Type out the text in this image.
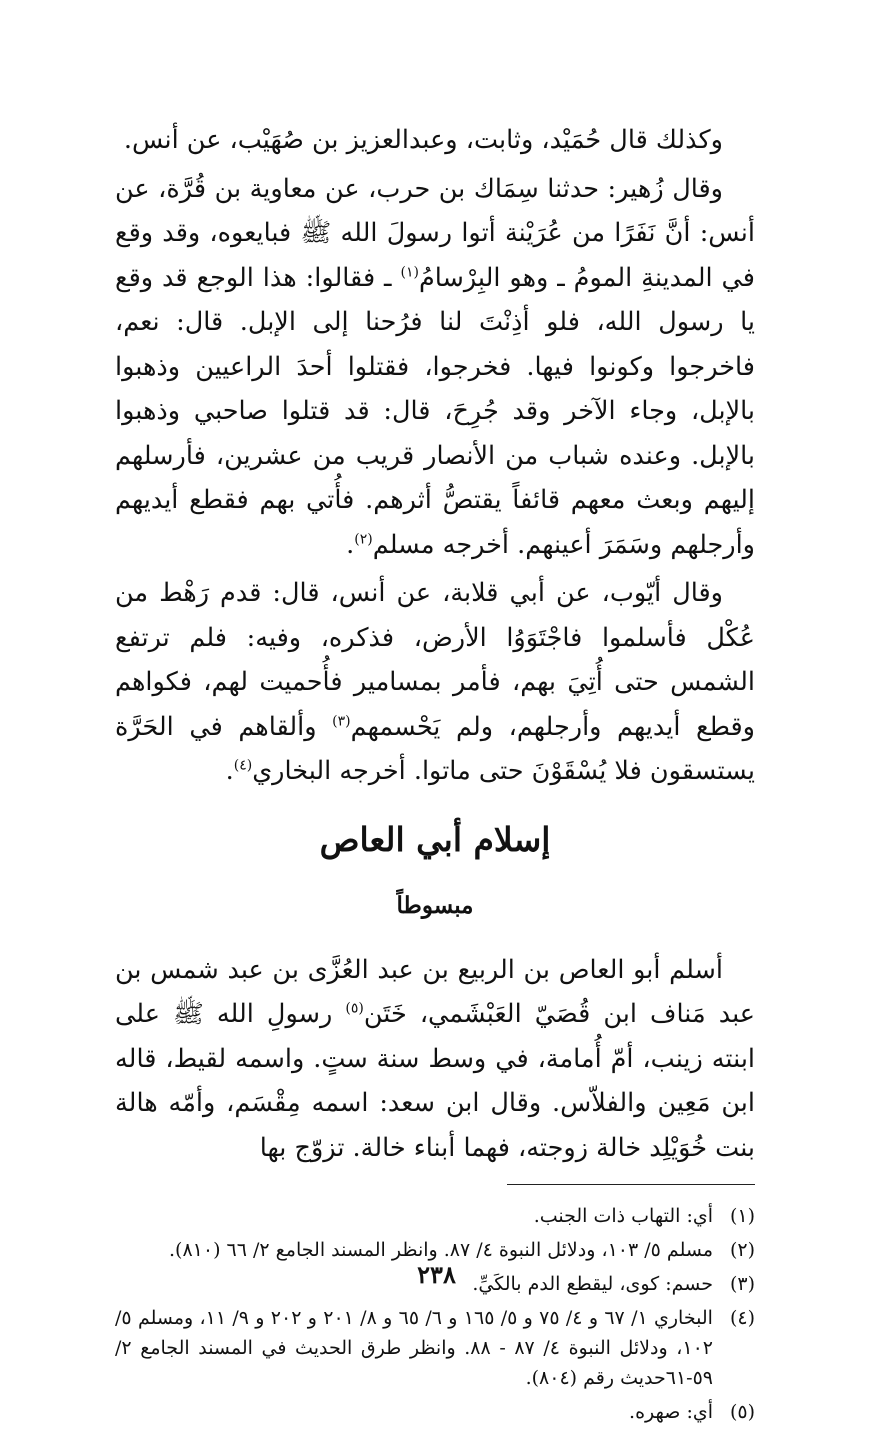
وكذلك قال حُمَيْد، وثابت، وعبدالعزيز بن صُهَيْب، عن أنس.

وقال زُهير: حدثنا سِمَاك بن حرب، عن معاوية بن قُرَّة، عن أنس: أنَّ نَفَرًا من عُرَيْنة أتوا رسولَ الله ﷺ فبايعوه، وقد وقع في المدينةِ المومُ ـ وهو البِرْسامُ$^{(١)}$ ـ فقالوا: هذا الوجع قد وقع يا رسول الله، فلو أذِنْتَ لنا فرُحنا إلى الإبل. قال: نعم، فاخرجوا وكونوا فيها. فخرجوا، فقتلوا أحدَ الراعيين وذهبوا بالإبل، وجاء الآخر وقد جُرِحَ، قال: قد قتلوا صاحبي وذهبوا بالإبل. وعنده شباب من الأنصار قريب من عشرين، فأرسلهم إليهم وبعث معهم قائفاً يقتصُّ أثرهم. فأُتي بهم فقطع أيديهم وأرجلهم وسَمَرَ أعينهم. أخرجه مسلم$^{(٢)}$.

وقال أيّوب، عن أبي قلابة، عن أنس، قال: قدم رَهْط من عُكْل فأسلموا فاجْتَوَوُا الأرض، فذكره، وفيه: فلم ترتفع الشمس حتى أُتِيَ بهم، فأمر بمسامير فأُحميت لهم، فكواهم وقطع أيديهم وأرجلهم، ولم يَحْسمهم$^{(٣)}$ وألقاهم في الحَرَّة يستسقون فلا يُسْقَوْنَ حتى ماتوا. أخرجه البخاري$^{(٤)}$.

إسلام أبي العاص
مبسوطاً

أسلم أبو العاص بن الربيع بن عبد العُزَّى بن عبد شمس بن عبد مَناف ابن قُصَيّ العَبْشَمي، خَتَن$^{(٥)}$ رسولِ الله ﷺ على ابنته زينب، أمّ أُمامة، في وسط سنة ستٍ. واسمه لقيط، قاله ابن مَعِين والفلاّس. وقال ابن سعد: اسمه مِقْسَم، وأمّه هالة بنت خُوَيْلِد خالة زوجته، فهما أبناء خالة. تزوّج بها

(١)
أي: التهاب ذات الجنب.
(٢)
مسلم ٥/ ١٠٣، ودلائل النبوة ٤/ ٨٧. وانظر المسند الجامع ٢/ ٦٦ (٨١٠).
(٣)
حسم: كوى، ليقطع الدم بالكَيِّ.
(٤)
البخاري ١/ ٦٧ و ٤/ ٧٥ و ٥/ ١٦٥ و ٦/ ٦٥ و ٨/ ٢٠١ و ٢٠٢ و ٩/ ١١، ومسلم ٥/ ١٠٢، ودلائل النبوة ٤/ ٨٧ - ٨٨. وانظر طرق الحديث في المسند الجامع ٢/ ٥٩-٦١حديث رقم (٨٠٤).
(٥)
أي: صهره.
٢٣٨
